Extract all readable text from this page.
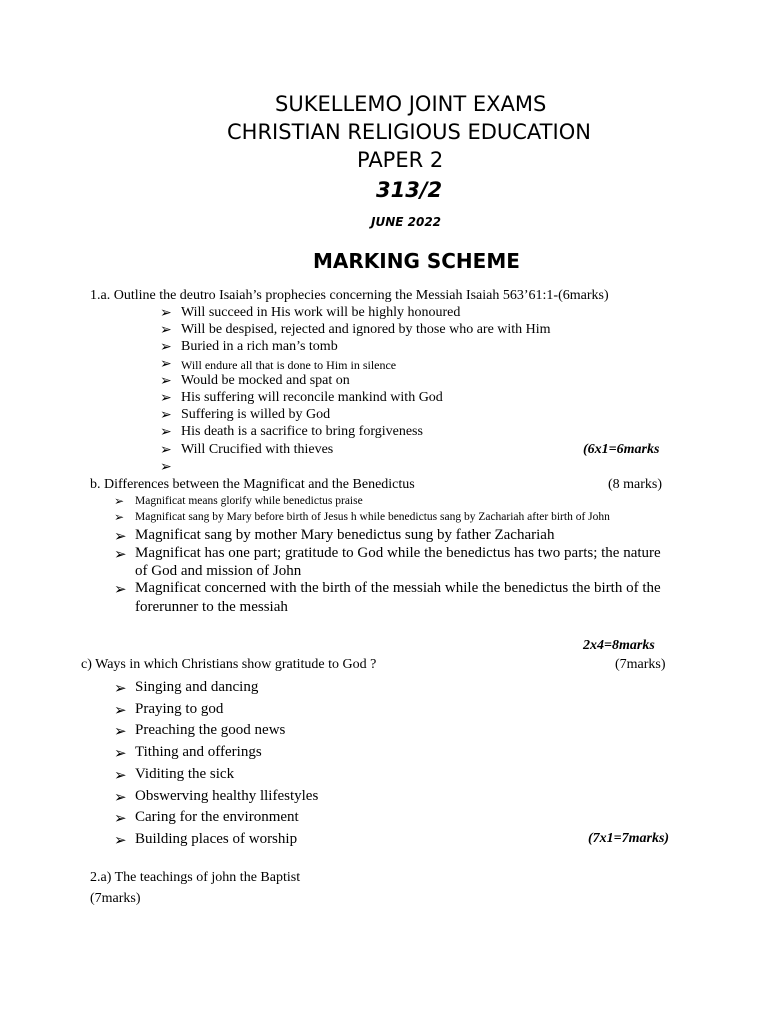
SUKELLEMO JOINT EXAMS
CHRISTIAN RELIGIOUS EDUCATION
PAPER 2
313/2
JUNE 2022
MARKING SCHEME
1.a. Outline the deutro Isaiah’s prophecies concerning the Messiah Isaiah 563’61:1-(6marks)
➢ Will succeed in His work will be highly honoured
➢ Will be despised, rejected and ignored by those who are with Him
➢ Buried in a rich man’s tomb
➢ Will endure all that is done to Him in silence
➢ Would be mocked and spat on
➢ His suffering will reconcile mankind with God
➢ Suffering is willed by God
➢ His death is a sacrifice to bring forgiveness
➢ Will Crucified with thieves
➢
(6x1=6marks
b. Differences between the Magnificat and the Benedictus	(8 marks)
➢ Magnificat means glorify while benedictus praise
➢ Magnificat sang by Mary before birth of Jesus h while benedictus sang by Zachariah after birth of John
➢ Magnificat sang by mother Mary benedictus sung by father Zachariah
➢ Magnificat has one part; gratitude to God while the benedictus has two parts; the nature
of God and mission of John
➢ Magnificat concerned with the birth of the messiah while the benedictus the birth of the
forerunner to the messiah
2x4=8marks
c) Ways in which Christians show gratitude to God ?	(7marks)
➢ Singing and dancing
➢ Praying to god
➢ Preaching the good news
➢ Tithing and offerings
➢ Viditing the sick
➢ Obswerving healthy llifestyles
➢ Caring for the environment
➢ Building places of worship	(7x1=7marks)
2.a) The teachings of john the Baptist
(7marks)
